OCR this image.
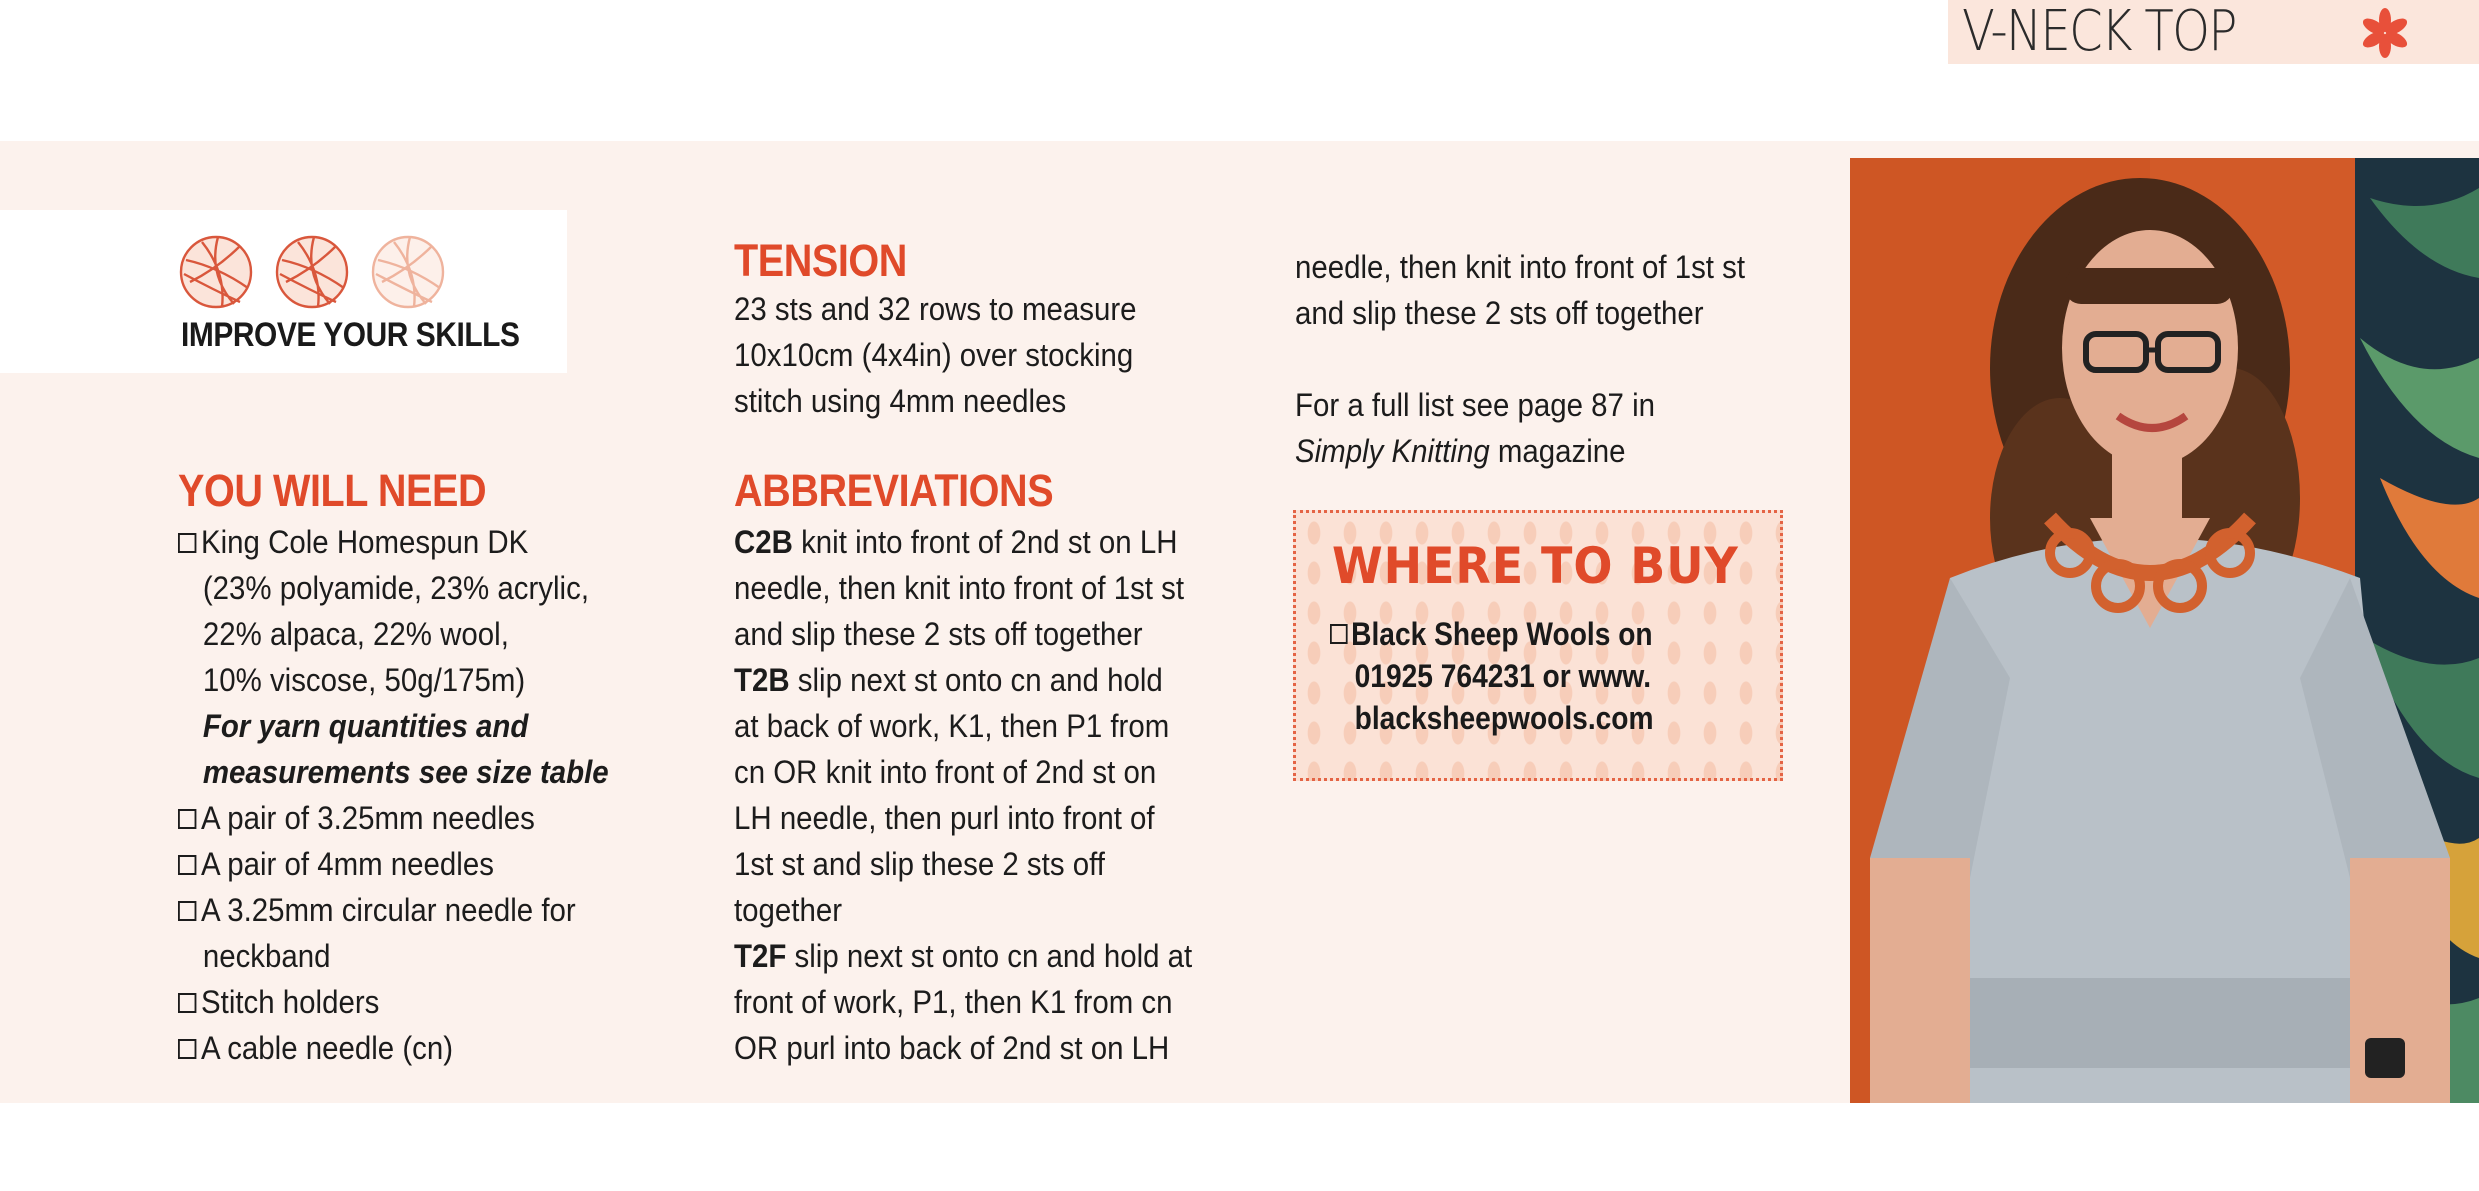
V-NECK TOP
IMPROVE YOUR SKILLS
YOU WILL NEED
King Cole Homespun DK
(23% polyamide, 23% acrylic,
22% alpaca, 22% wool,
10% viscose, 50g/175m)
For yarn quantities and
measurements see size table
A pair of 3.25mm needles
A pair of 4mm needles
A 3.25mm circular needle for
neckband
Stitch holders
A cable needle (cn)
TENSION
23 sts and 32 rows to measure
10x10cm (4x4in) over stocking
stitch using 4mm needles
ABBREVIATIONS
C2B knit into front of 2nd st on LH
needle, then knit into front of 1st st
and slip these 2 sts off together
T2B slip next st onto cn and hold
at back of work, K1, then P1 from
cn OR knit into front of 2nd st on
LH needle, then purl into front of
1st st and slip these 2 sts off
together
T2F slip next st onto cn and hold at
front of work, P1, then K1 from cn
OR purl into back of 2nd st on LH
needle, then knit into front of 1st st
and slip these 2 sts off together
For a full list see page 87 in
Simply Knitting magazine
WHERE TO BUY
Black Sheep Wools on
01925 764231 or www.
blacksheepwools.com
